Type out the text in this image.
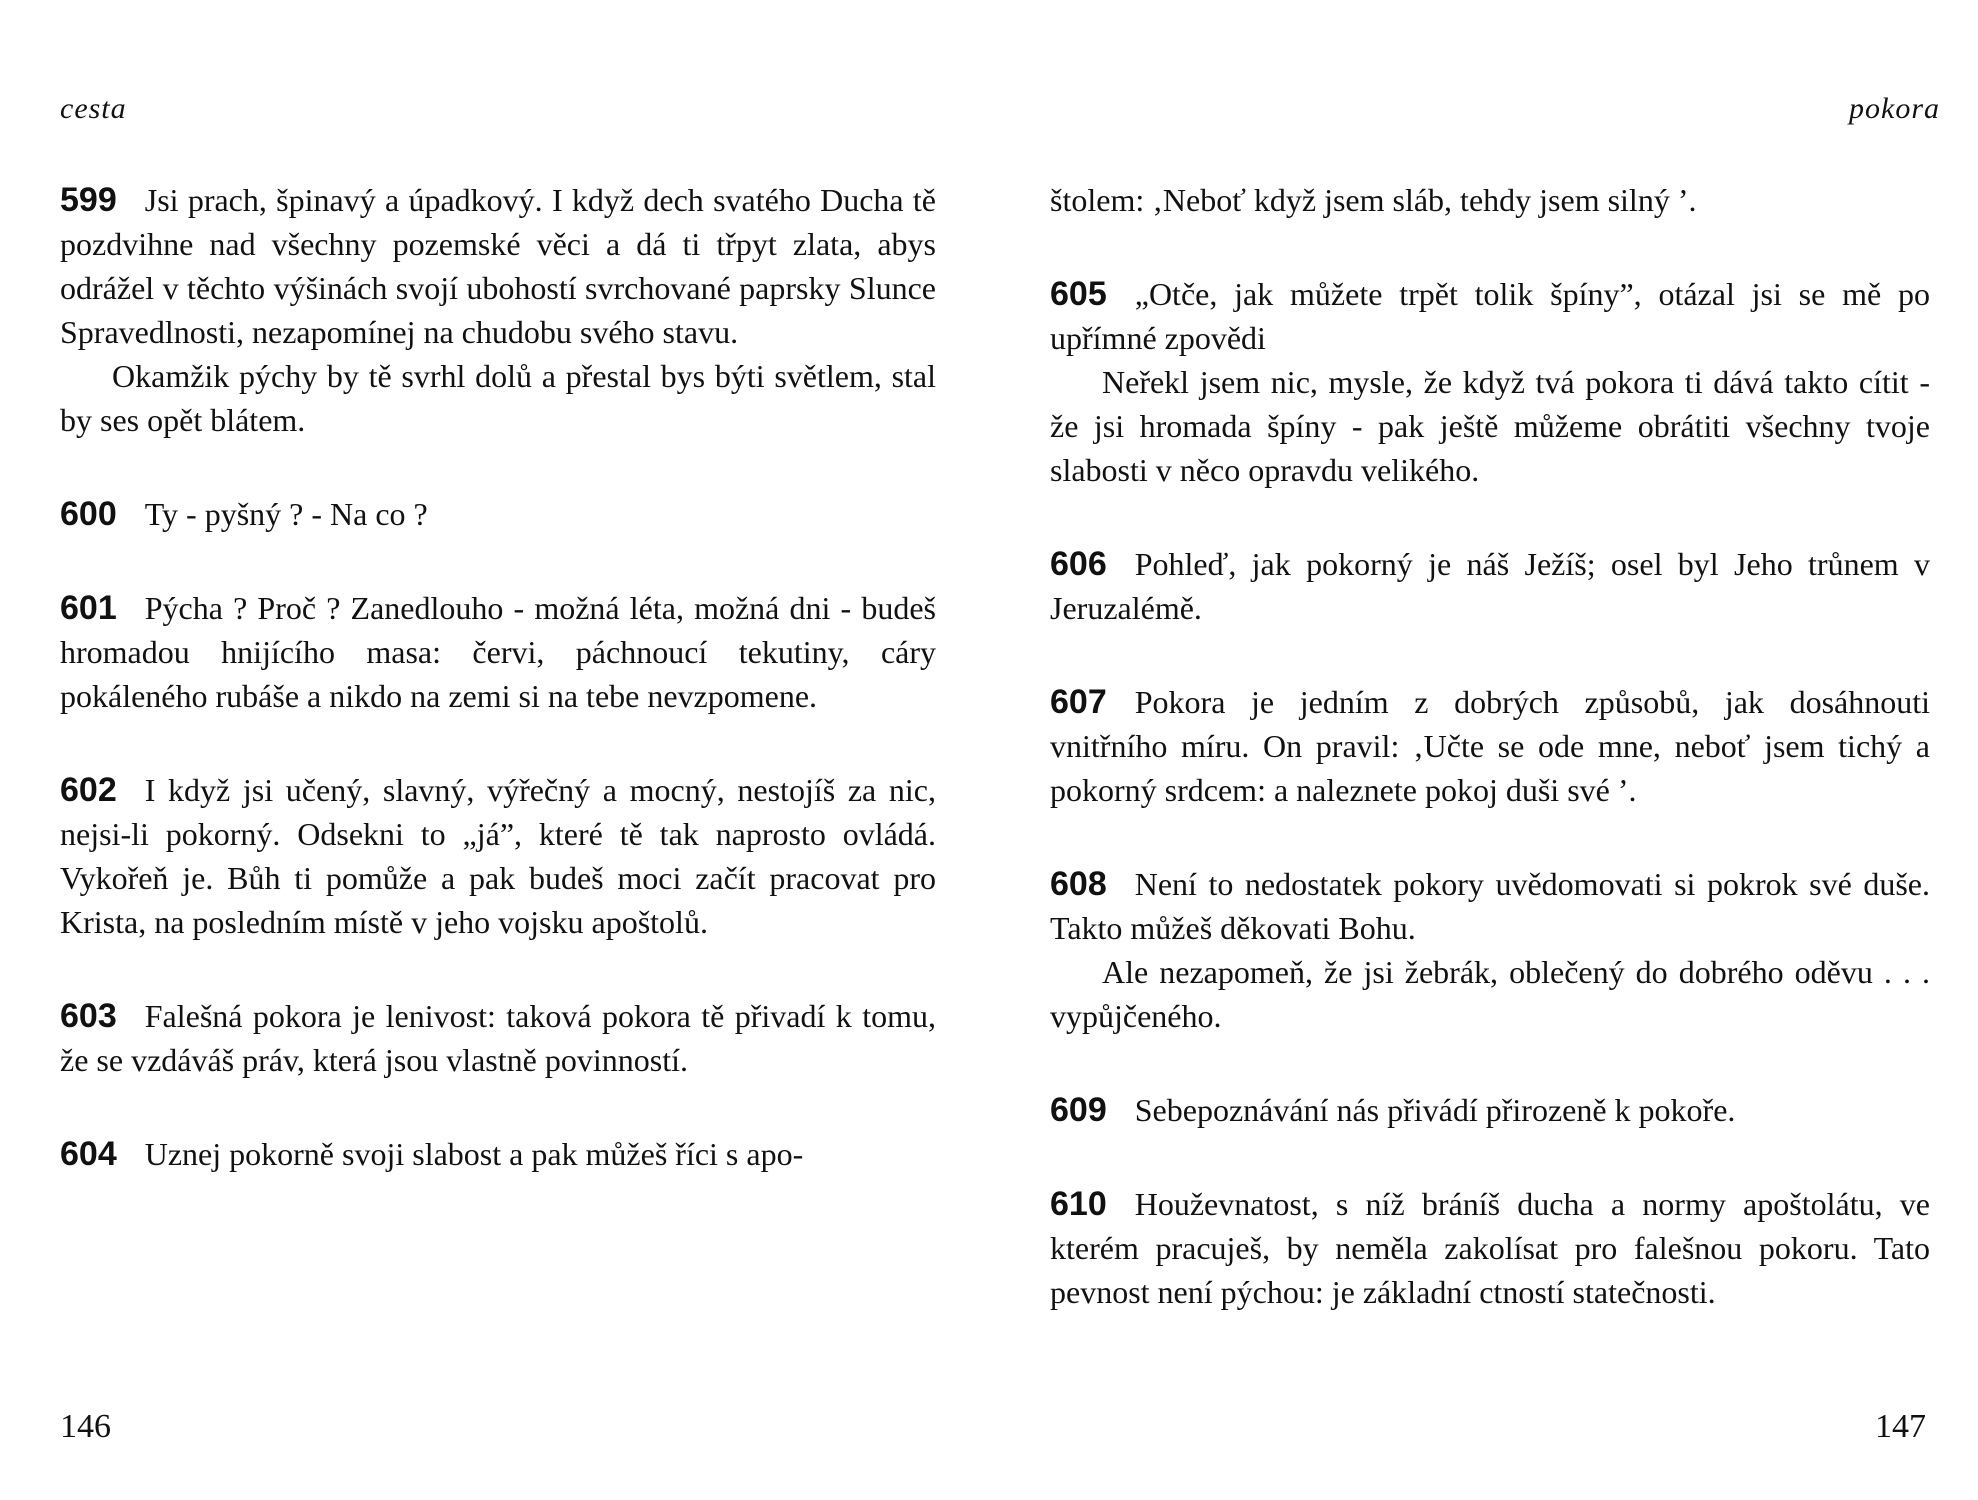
cesta	pokora

599 Jsi prach, špinavý a úpadkový. I když dech svatého Ducha tě pozdvihne nad všechny pozemské věci a dá ti třpyt zlata, abys odrážel v těchto výšinách svojí ubohostí svrchované paprsky Slunce Spravedlnosti, nezapomínej na chudobu svého stavu.

Okamžik pýchy by tě svrhl dolů a přestal bys býti světlem, stal by ses opět blátem.

600 Ty - pyšný ? - Na co ?

601 Pýcha ? Proč ? Zanedlouho - možná léta, možná dni - budeš hromadou hnijícího masa: červi, páchnoucí tekutiny, cáry pokáleného rubáše a nikdo na zemi si na tebe nevzpomene.

602 I když jsi učený, slavný, výřečný a mocný, nestojíš za nic, nejsi-li pokorný. Odsekni to „já”, které tě tak naprosto ovládá. Vykořeň je. Bůh ti pomůže a pak budeš moci začít pracovat pro Krista, na posledním místě v jeho vojsku apoštolů.

603 Falešná pokora je lenivost: taková pokora tě přivadí k tomu, že se vzdáváš práv, která jsou vlastně povinností.

604 Uznej pokorně svoji slabost a pak můžeš říci s apo-

štolem: ‚Neboť když jsem sláb, tehdy jsem silný ’.

605 „Otče, jak můžete trpět tolik špíny”, otázal jsi se mě po upřímné zpovědi

Neřekl jsem nic, mysle, že když tvá pokora ti dává takto cítit - že jsi hromada špíny - pak ještě můžeme obrátiti všechny tvoje slabosti v něco opravdu velikého.

606 Pohleď, jak pokorný je náš Ježíš; osel byl Jeho trůnem v Jeruzalémě.

607 Pokora je jedním z dobrých způsobů, jak dosáhnouti vnitřního míru. On pravil: ‚Učte se ode mne, neboť jsem tichý a pokorný srdcem: a naleznete pokoj duši své ’.

608 Není to nedostatek pokory uvědomovati si pokrok své duše. Takto můžeš děkovati Bohu.

Ale nezapomeň, že jsi žebrák, oblečený do dobrého oděvu . . . vypůjčeného.

609 Sebepoznávání nás přivádí přirozeně k pokoře.

610 Houževnatost, s níž bráníš ducha a normy apoštolátu, ve kterém pracuješ, by neměla zakolísat pro falešnou pokoru. Tato pevnost není pýchou: je základní ctností statečnosti.

146	147
